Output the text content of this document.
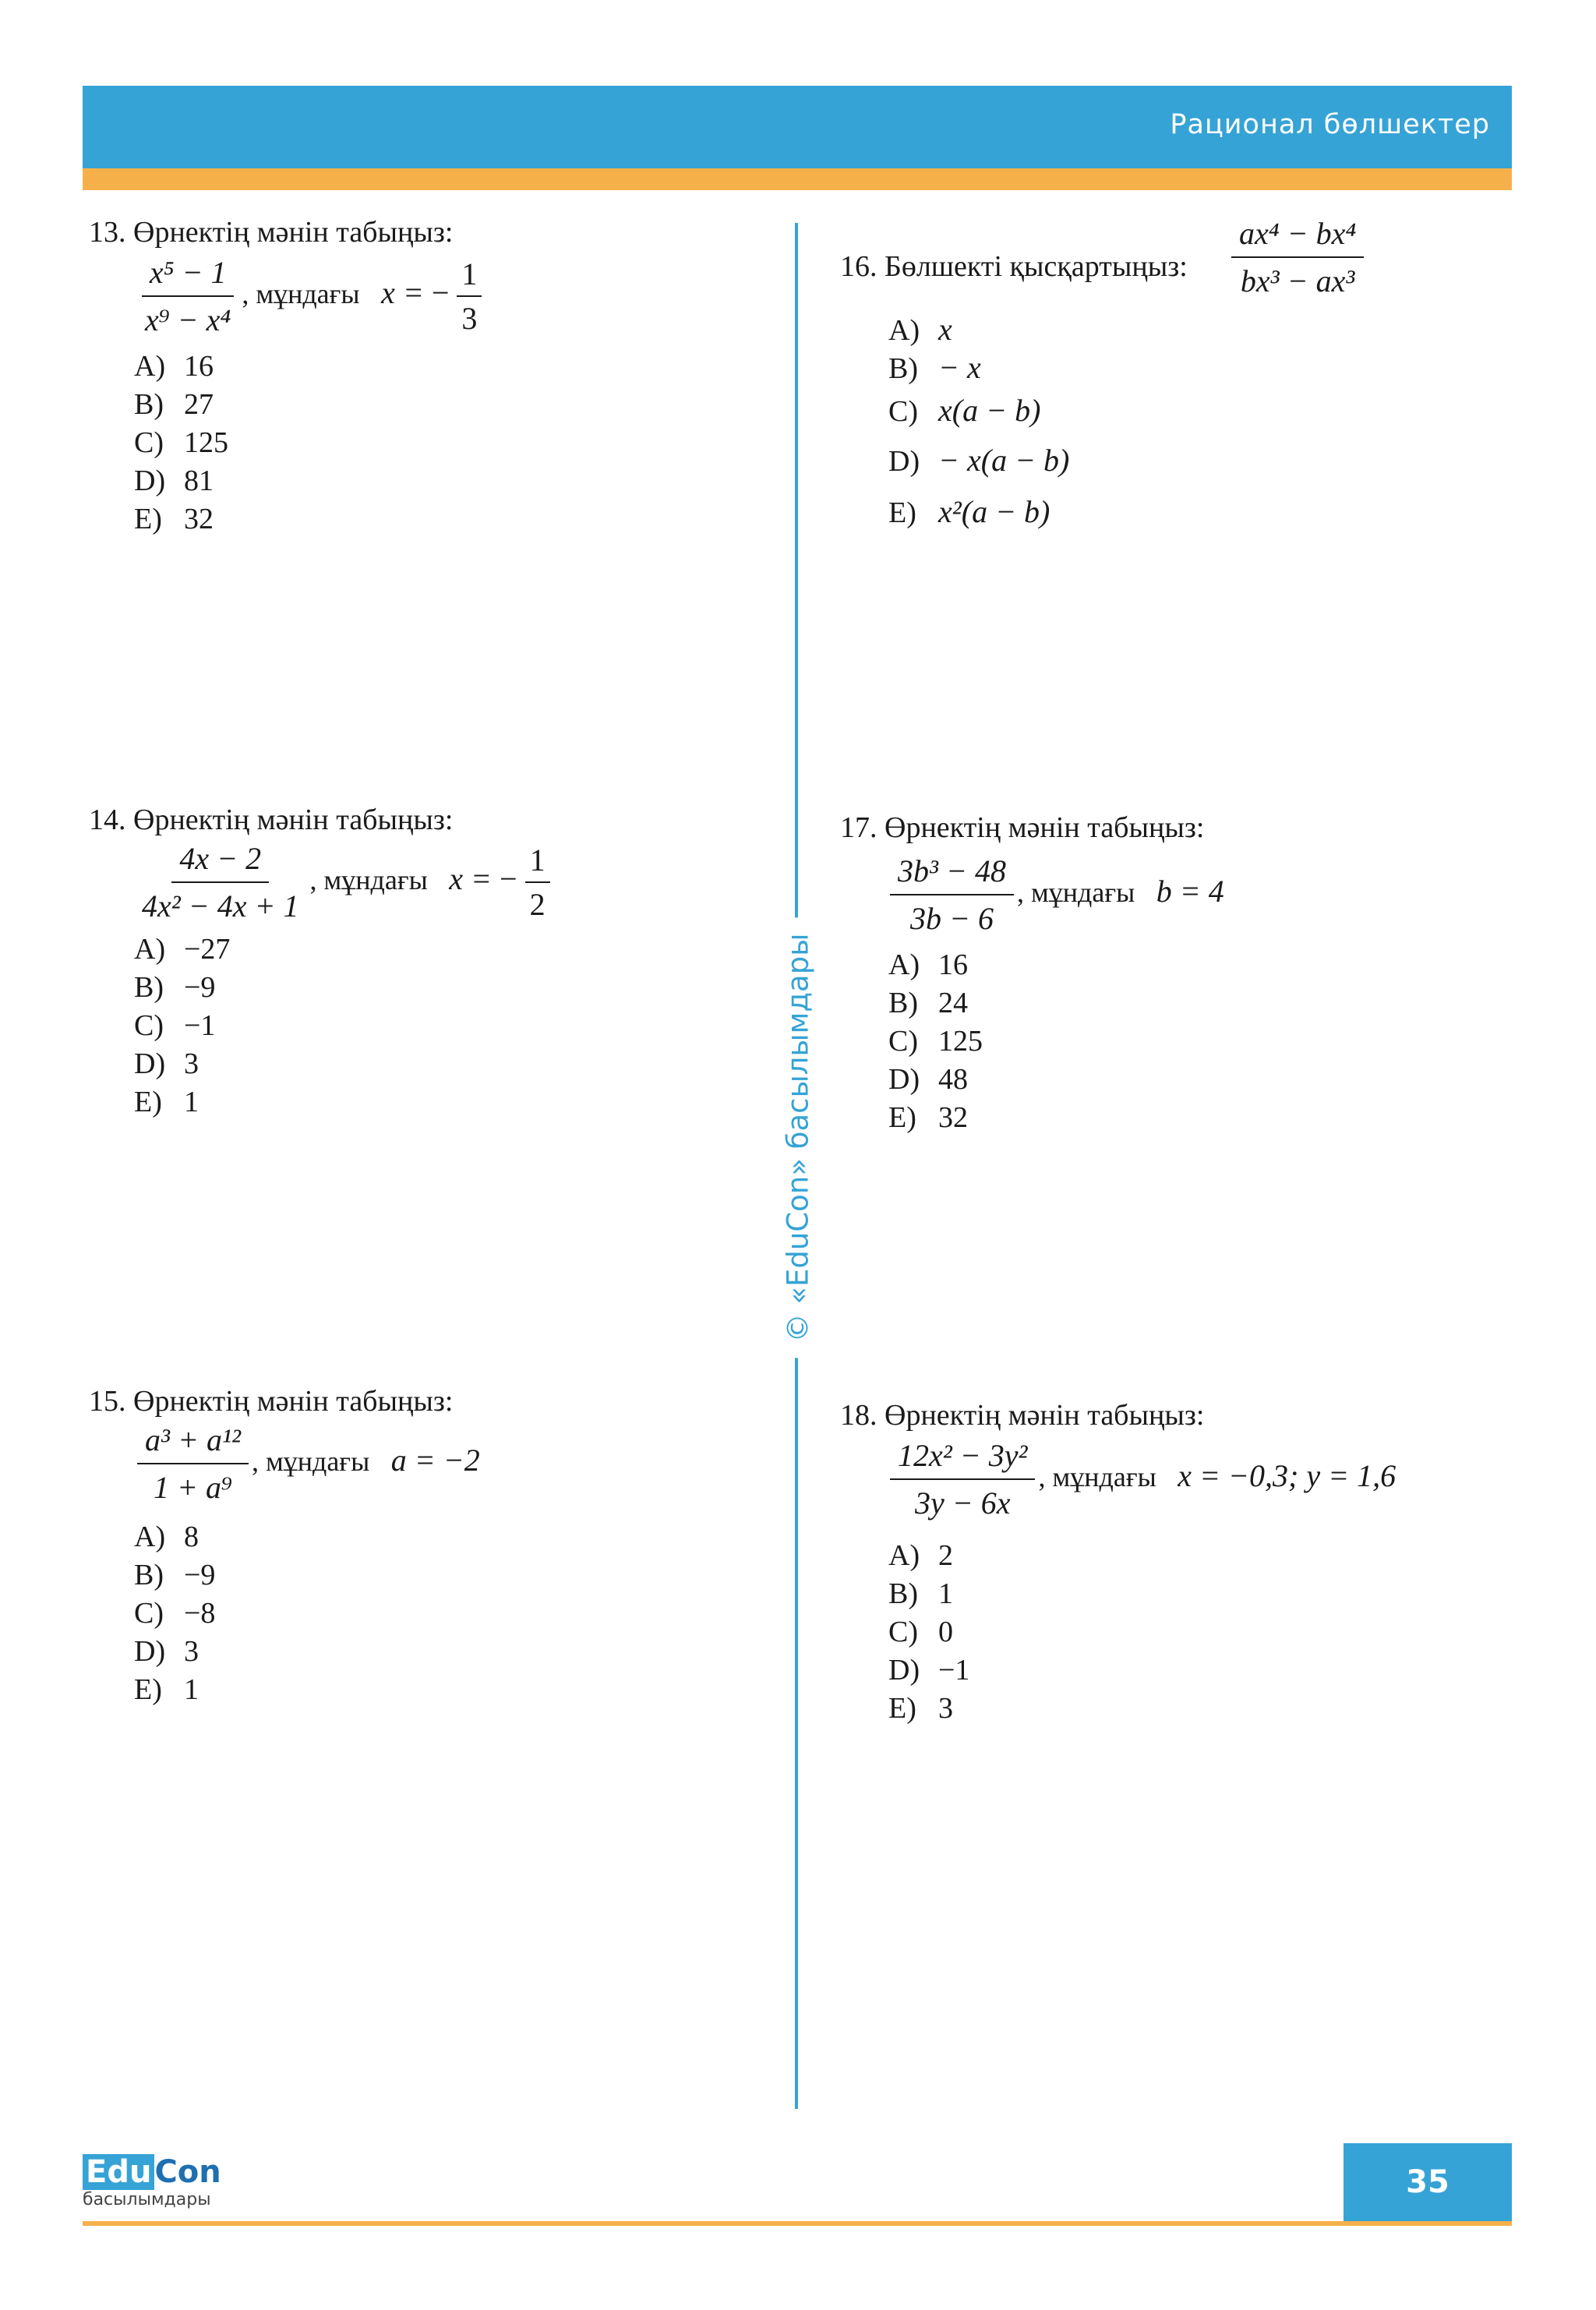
Рационал бөлшектер
© «EduCon» басылымдары
13. Өрнектің мәнін табыңыз:
$\frac{\text{x⁵ − 1}}{\text{x⁹ − x⁴}}$ , мұндағы x = − $\frac{1}{3}$
A) 16
B) 27
C) 125
D) 81
E) 32
14. Өрнектің мәнін табыңыз:
$\frac{4x - 2}{\text{4x² − 4x + 1}}$ , мұндағы x = − $\frac{1}{2}$
A) −27
B) −9
C) −1
D) 3
E) 1
15. Өрнектің мәнін табыңыз:
$\frac{\text{a³ + a¹²}}{\text{1 + a⁹}}$ , мұндағы a = −2
A) 8
B) −9
C) −8
D) 3
E) 1
16. Бөлшекті қысқартыңыз: $\frac{\text{ax⁴ − bx⁴}}{\text{bx³ − ax³}}$
A) x
B) − x
C) x(a − b)
D) − x(a − b)
E) x²(a − b)
17. Өрнектің мәнін табыңыз:
$\frac{\text{3b³ − 48}}{3b - 6}$ , мұндағы b = 4
A) 16
B) 24
C) 125
D) 48
E) 32
18. Өрнектің мәнін табыңыз:
$\frac{\text{12x² − 3y²}}{3y - 6x}$ , мұндағы x = −0,3; y = 1,6
A) 2
B) 1
C) 0
D) −1
E) 3
Edu Con
басылымдары	35
